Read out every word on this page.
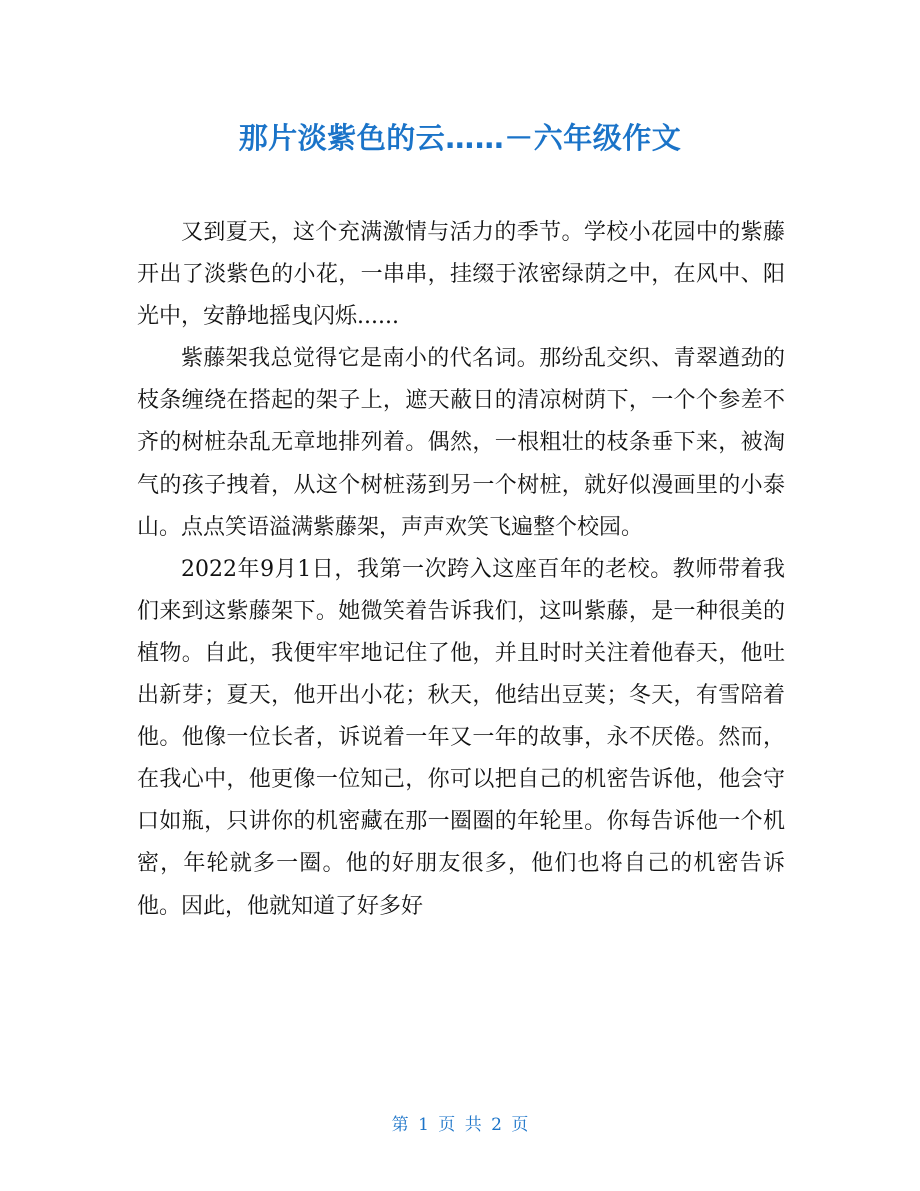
那片淡紫色的云……－六年级作文

又到夏天，这个充满激情与活力的季节。学校小花园中的紫藤开出了淡紫色的小花，一串串，挂缀于浓密绿荫之中，在风中、阳光中，安静地摇曳闪烁......

紫藤架我总觉得它是南小的代名词。那纷乱交织、青翠遒劲的枝条缠绕在搭起的架子上，遮天蔽日的清凉树荫下，一个个参差不齐的树桩杂乱无章地排列着。偶然，一根粗壮的枝条垂下来，被淘气的孩子拽着，从这个树桩荡到另一个树桩，就好似漫画里的小泰山。点点笑语溢满紫藤架，声声欢笑飞遍整个校园。

2022年9月1日，我第一次跨入这座百年的老校。教师带着我们来到这紫藤架下。她微笑着告诉我们，这叫紫藤，是一种很美的植物。自此，我便牢牢地记住了他，并且时时关注着他春天，他吐出新芽；夏天，他开出小花；秋天，他结出豆荚；冬天，有雪陪着他。他像一位长者，诉说着一年又一年的故事，永不厌倦。然而，在我心中，他更像一位知己，你可以把自己的机密告诉他，他会守口如瓶，只讲你的机密藏在那一圈圈的年轮里。你每告诉他一个机密，年轮就多一圈。他的好朋友很多，他们也将自己的机密告诉他。因此，他就知道了好多好

第 1 页 共 2 页
